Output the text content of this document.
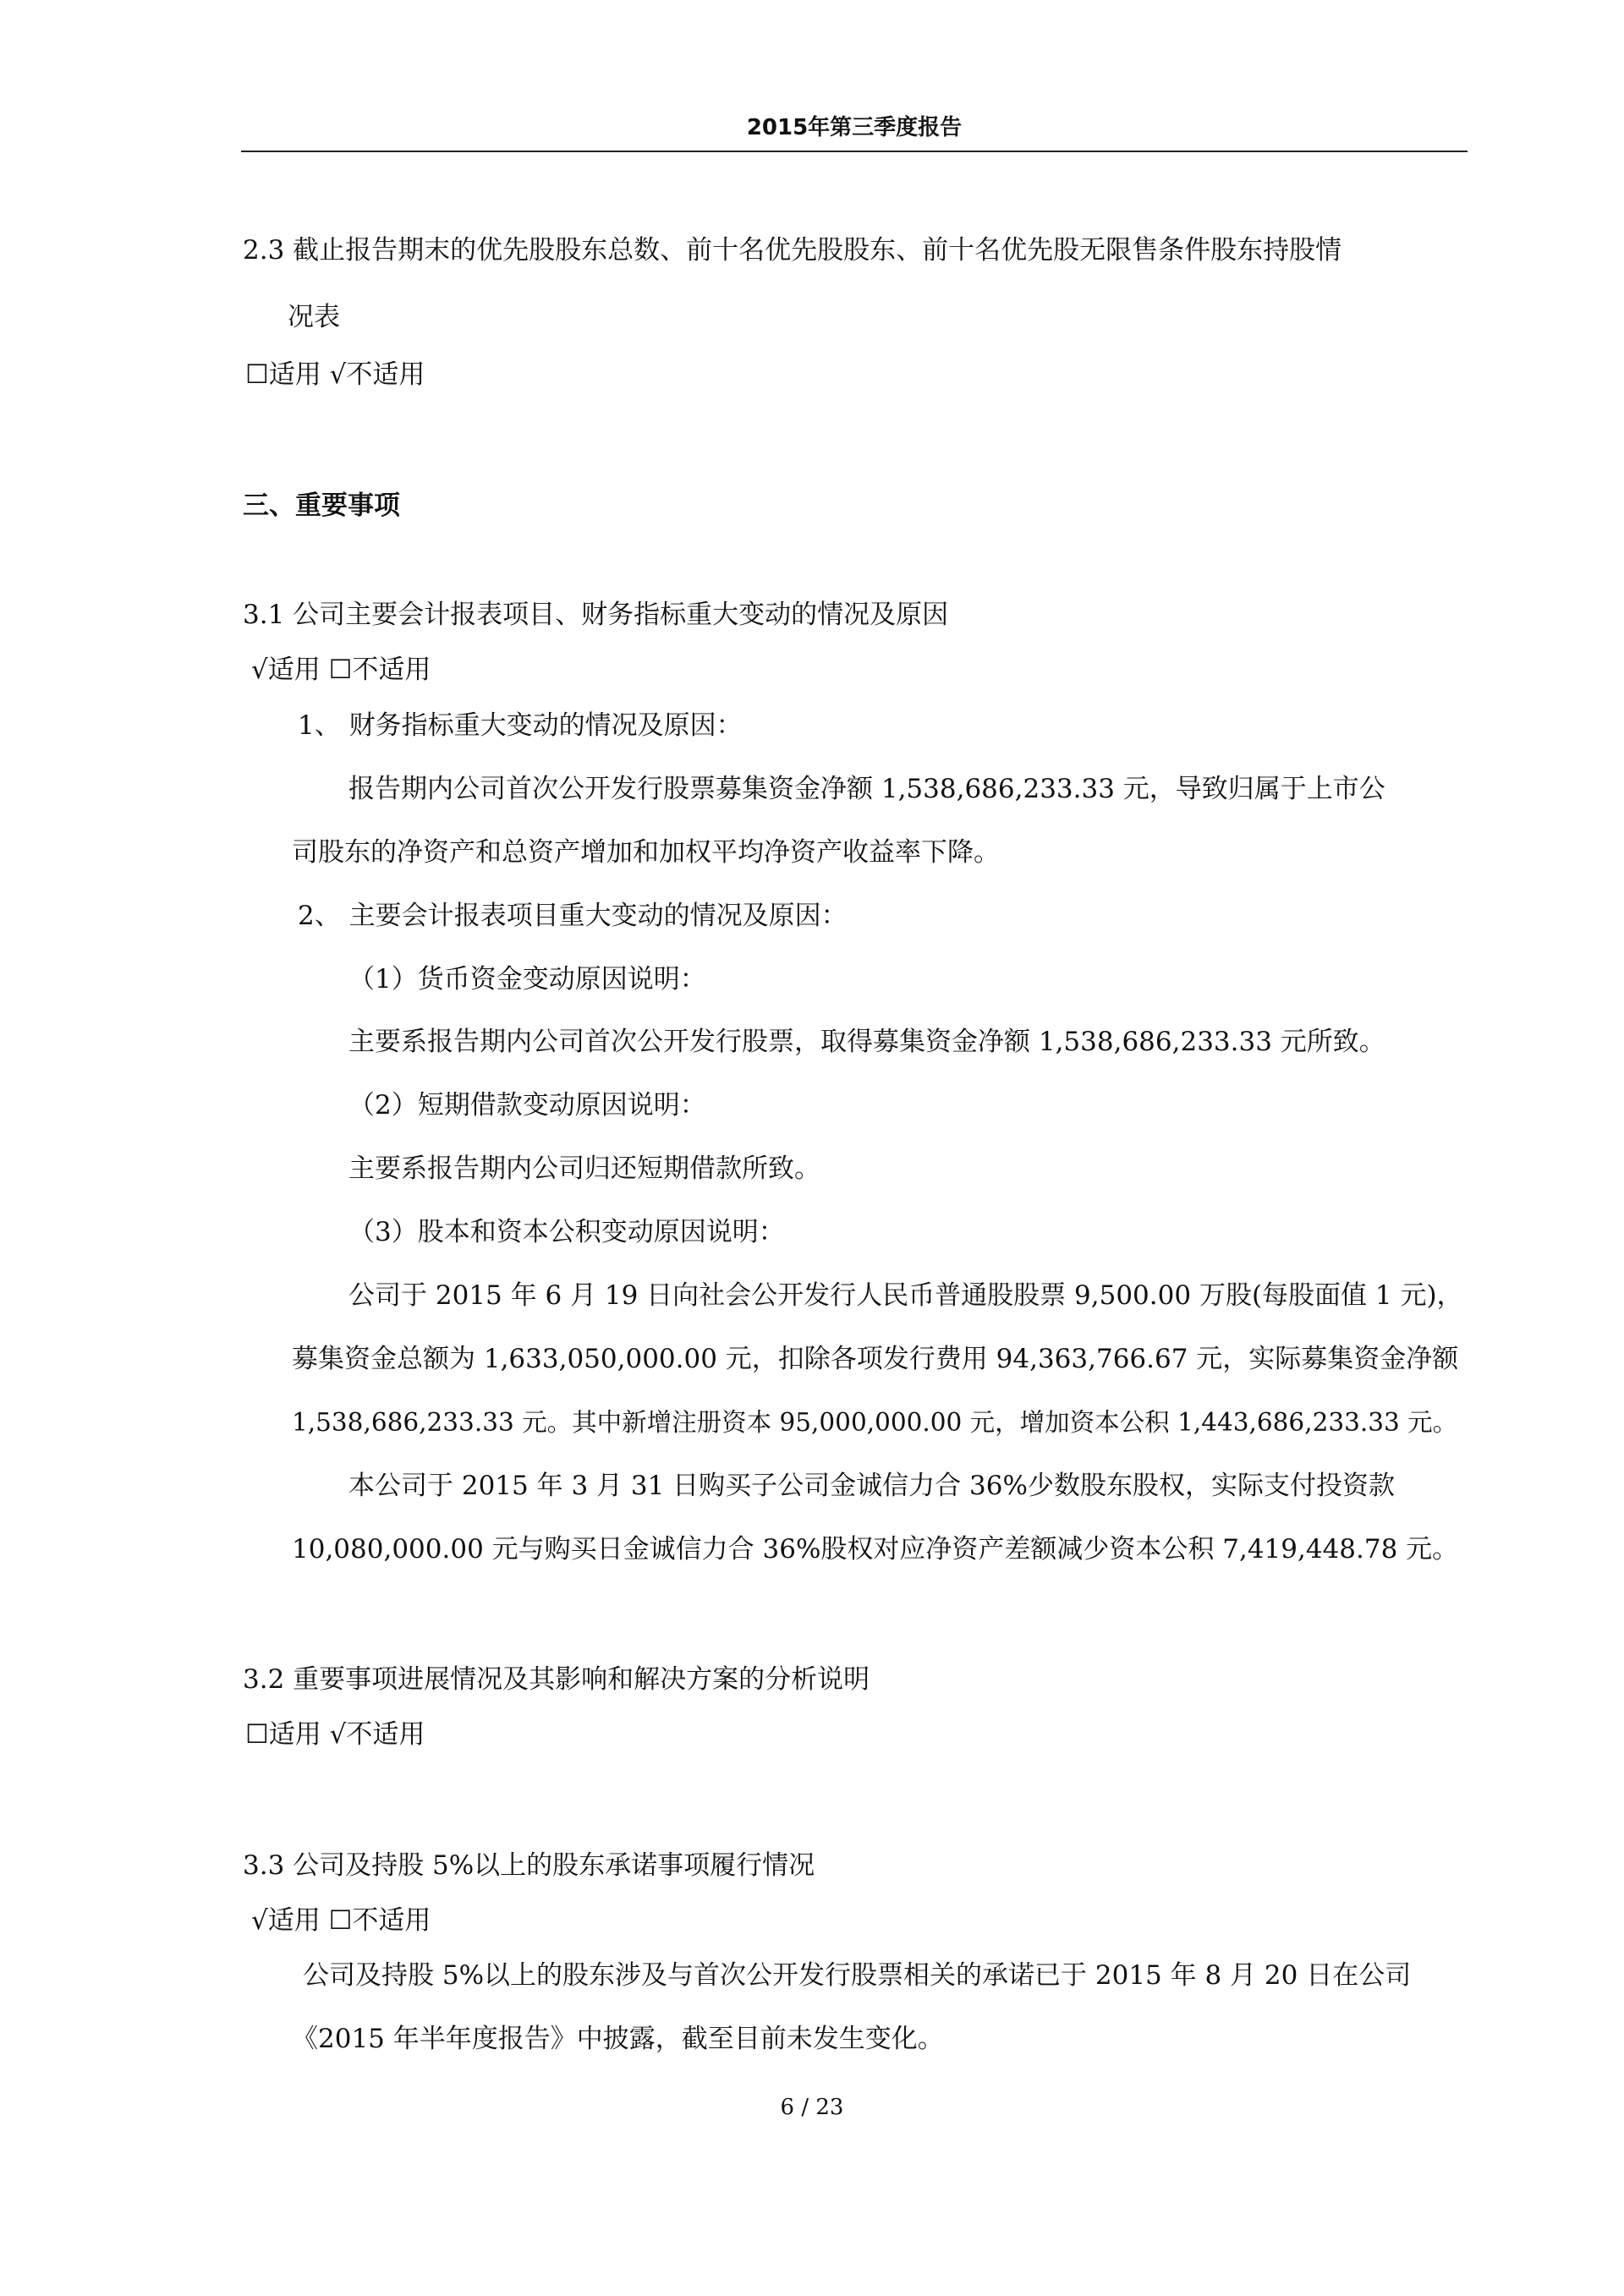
2015年第三季度报告
2.3 截止报告期末的优先股股东总数、前十名优先股股东、前十名优先股无限售条件股东持股情
况表
☐适用 √不适用
三、重要事项
3.1 公司主要会计报表项目、财务指标重大变动的情况及原因
√适用 ☐不适用
1、 财务指标重大变动的情况及原因：
报告期内公司首次公开发行股票募集资金净额 1,538,686,233.33 元，导致归属于上市公
司股东的净资产和总资产增加和加权平均净资产收益率下降。
2、 主要会计报表项目重大变动的情况及原因：
（1）货币资金变动原因说明：
主要系报告期内公司首次公开发行股票，取得募集资金净额 1,538,686,233.33 元所致。
（2）短期借款变动原因说明：
主要系报告期内公司归还短期借款所致。
（3）股本和资本公积变动原因说明：
公司于 2015 年 6 月 19 日向社会公开发行人民币普通股股票 9,500.00 万股(每股面值 1 元)，
募集资金总额为 1,633,050,000.00 元，扣除各项发行费用 94,363,766.67 元，实际募集资金净额
1,538,686,233.33 元。其中新增注册资本 95,000,000.00 元，增加资本公积 1,443,686,233.33 元。
本公司于 2015 年 3 月 31 日购买子公司金诚信力合 36%少数股东股权，实际支付投资款
10,080,000.00 元与购买日金诚信力合 36%股权对应净资产差额减少资本公积 7,419,448.78 元。
3.2 重要事项进展情况及其影响和解决方案的分析说明
☐适用 √不适用
3.3 公司及持股 5%以上的股东承诺事项履行情况
√适用 ☐不适用
公司及持股 5%以上的股东涉及与首次公开发行股票相关的承诺已于 2015 年 8 月 20 日在公司
《2015 年半年度报告》中披露，截至目前未发生变化。
6 / 23
